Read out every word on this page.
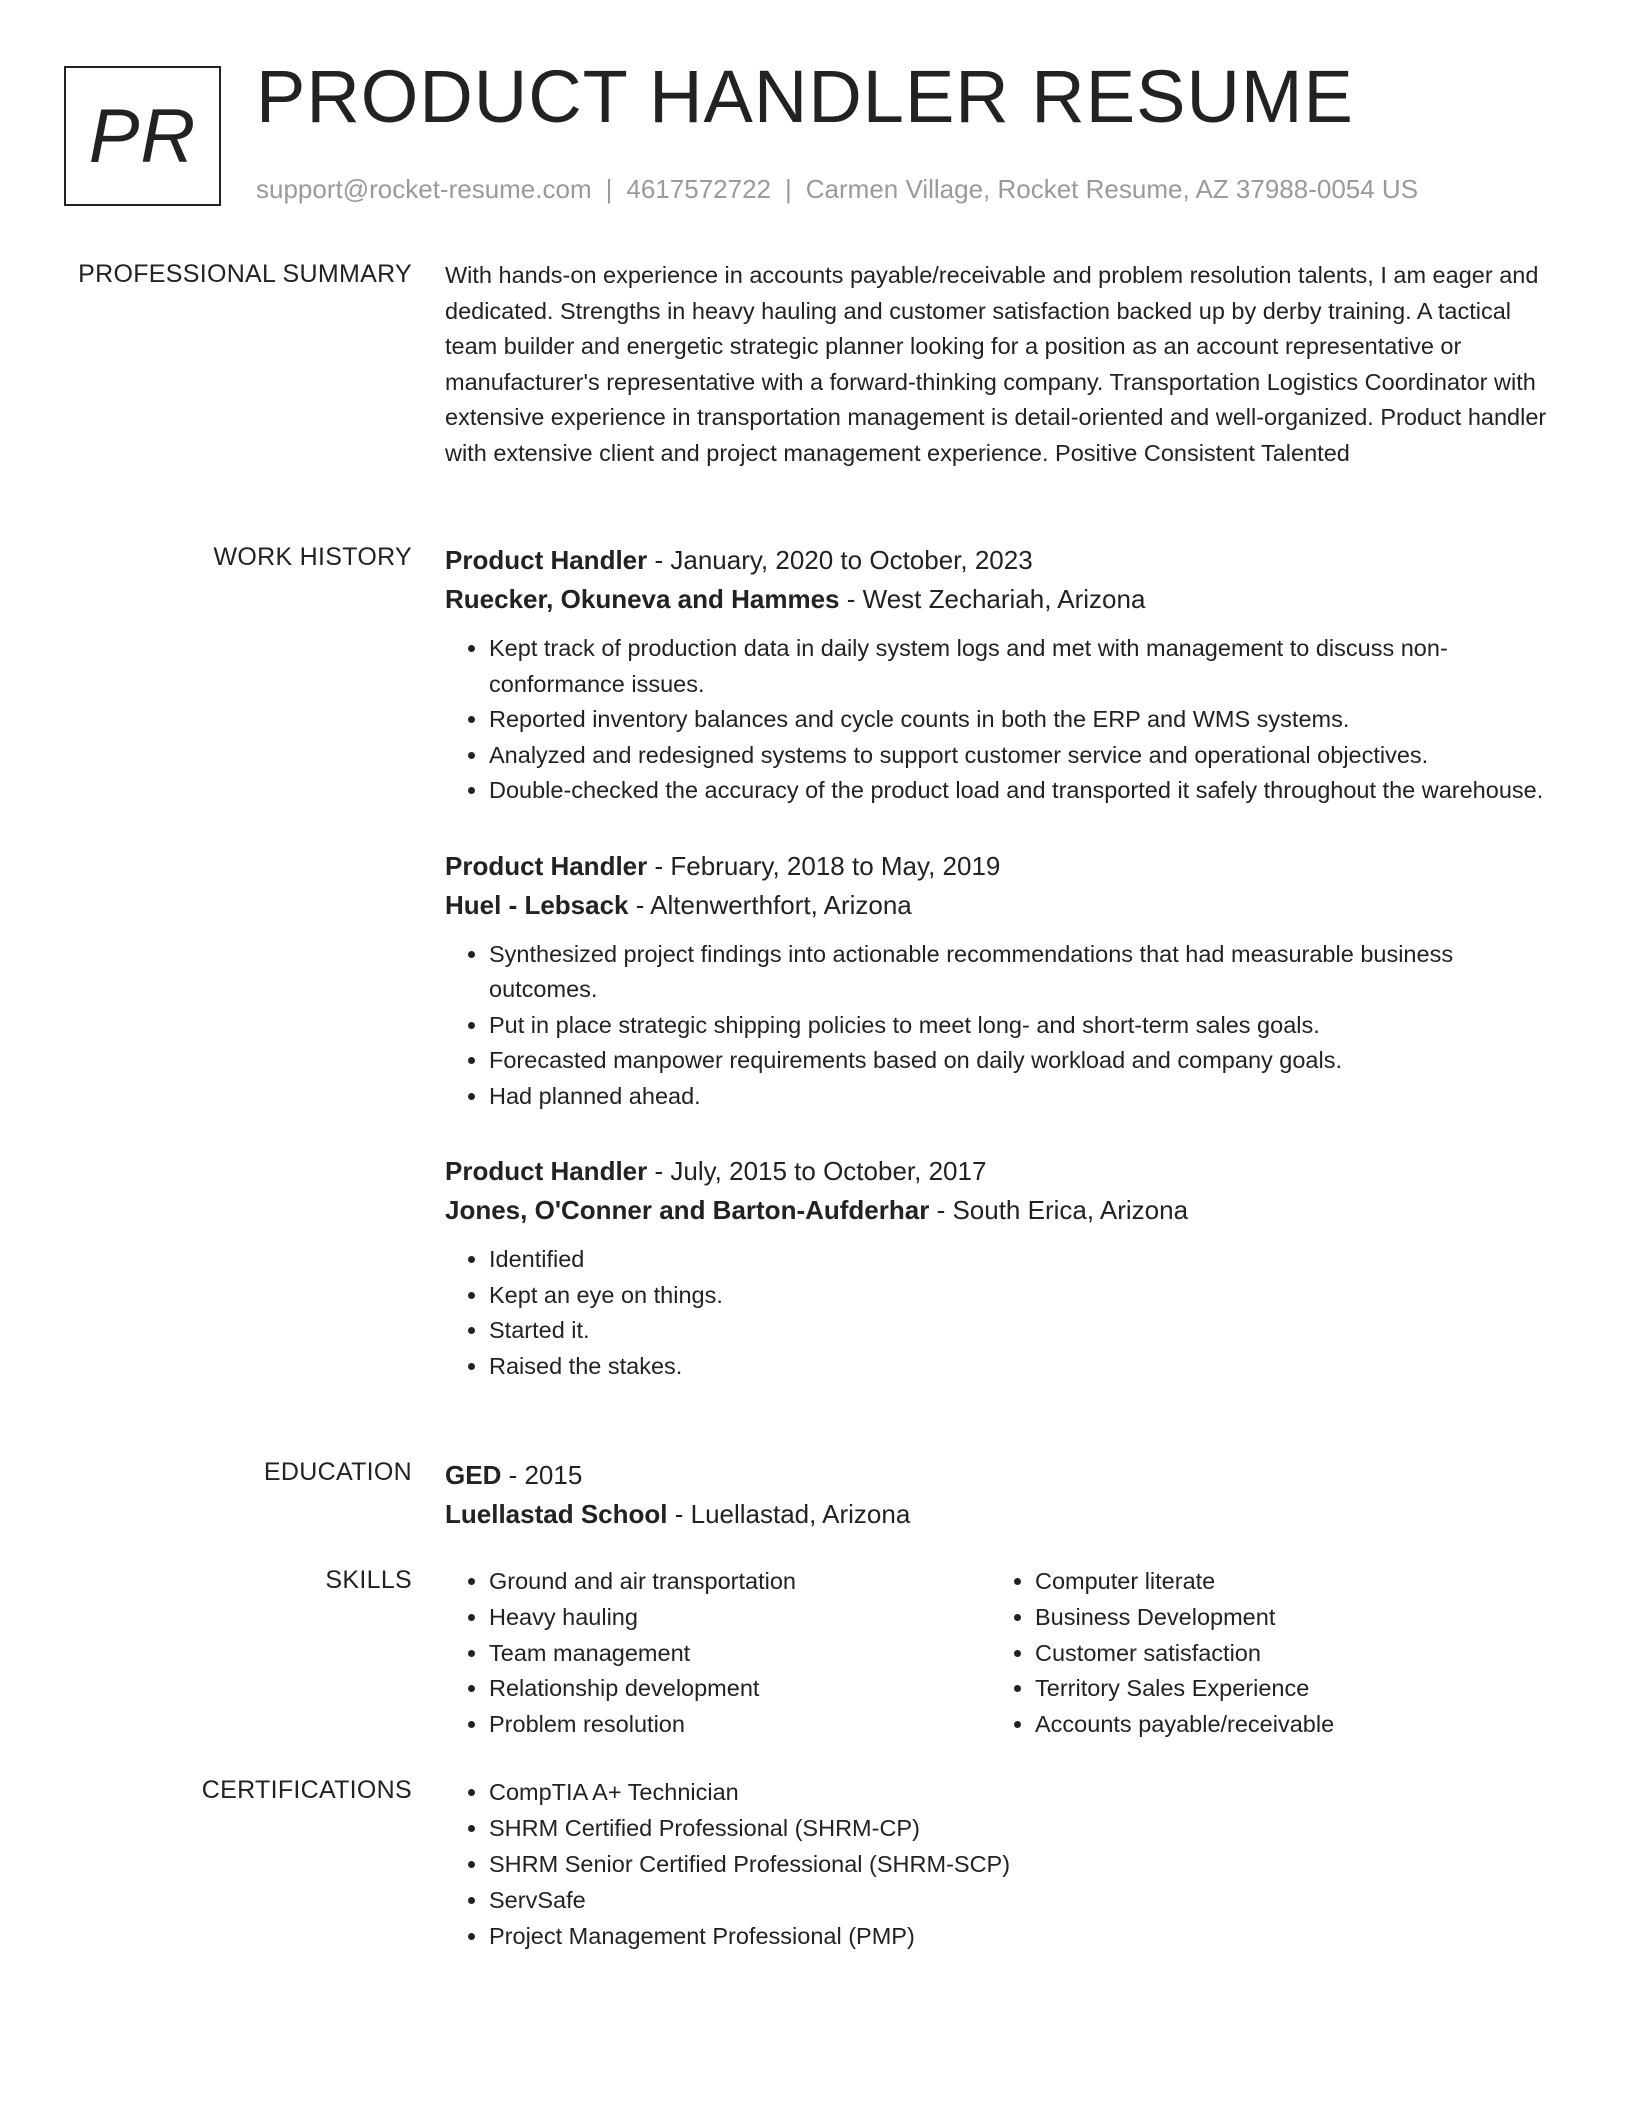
PR PRODUCT HANDLER RESUME
support@rocket-resume.com | 4617572722 | Carmen Village, Rocket Resume, AZ 37988-0054 US
PROFESSIONAL SUMMARY With hands-on experience in accounts payable/receivable and problem resolution talents, I am eager and dedicated. Strengths in heavy hauling and customer satisfaction backed up by derby training. A tactical team builder and energetic strategic planner looking for a position as an account representative or manufacturer's representative with a forward-thinking company. Transportation Logistics Coordinator with extensive experience in transportation management is detail-oriented and well-organized. Product handler with extensive client and project management experience. Positive Consistent Talented

WORK HISTORY Product Handler - January, 2020 to October, 2023
Ruecker, Okuneva and Hammes - West Zechariah, Arizona
• Kept track of production data in daily system logs and met with management to discuss non-conformance issues.
• Reported inventory balances and cycle counts in both the ERP and WMS systems.
• Analyzed and redesigned systems to support customer service and operational objectives.
• Double-checked the accuracy of the product load and transported it safely throughout the warehouse.
Product Handler - February, 2018 to May, 2019
Huel - Lebsack - Altenwerthfort, Arizona
• Synthesized project findings into actionable recommendations that had measurable business outcomes.
• Put in place strategic shipping policies to meet long- and short-term sales goals.
• Forecasted manpower requirements based on daily workload and company goals.
• Had planned ahead.
Product Handler - July, 2015 to October, 2017
Jones, O'Conner and Barton-Aufderhar - South Erica, Arizona
• Identified
• Kept an eye on things.
• Started it.
• Raised the stakes.
EDUCATION GED - 2015
Luellastad School - Luellastad, Arizona
SKILLS	• Ground and air transportation
• Heavy hauling
• Team management
• Relationship development
• Problem resolution
• Computer literate
• Business Development
• Customer satisfaction
• Territory Sales Experience
• Accounts payable/receivable
CERTIFICATIONS	• CompTIA A+ Technician
• SHRM Certified Professional (SHRM-CP)
• SHRM Senior Certified Professional (SHRM-SCP)
• ServSafe
• Project Management Professional (PMP)
